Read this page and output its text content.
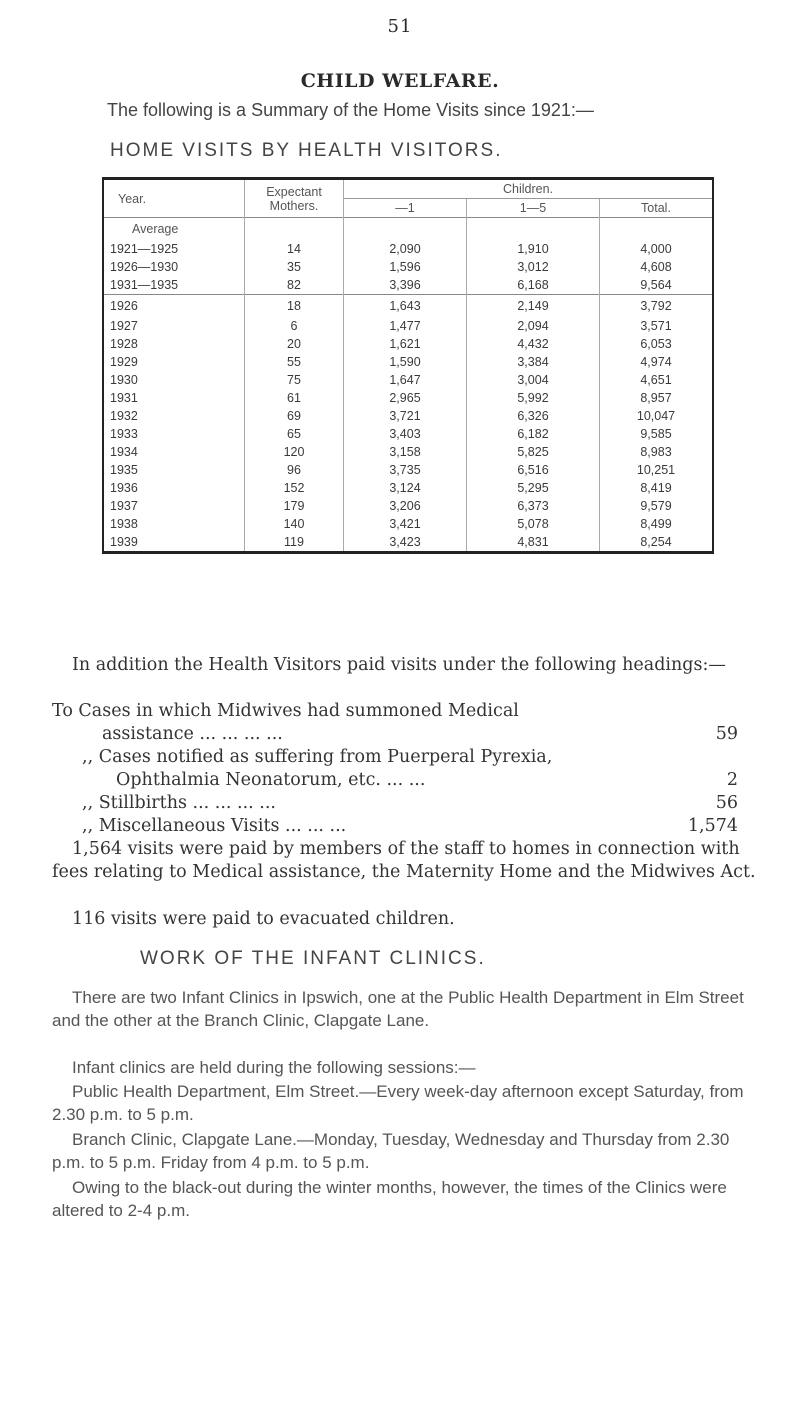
51
CHILD WELFARE.
The following is a Summary of the Home Visits since 1921:—
HOME VISITS BY HEALTH VISITORS.
Year.	Expectant Mothers.	Children.		
		—1	1—5	Total.
Average				
1921—1925	14	2,090	1,910	4,000
1926—1930	35	1,596	3,012	4,608
1931—1935	82	3,396	6,168	9,564
1926	18	1,643	2,149	3,792
1927	6	1,477	2,094	3,571
1928	20	1,621	4,432	6,053
1929	55	1,590	3,384	4,974
1930	75	1,647	3,004	4,651
1931	61	2,965	5,992	8,957
1932	69	3,721	6,326	10,047
1933	65	3,403	6,182	9,585
1934	120	3,158	5,825	8,983
1935	96	3,735	6,516	10,251
1936	152	3,124	5,295	8,419
1937	179	3,206	6,373	9,579
1938	140	3,421	5,078	8,499
1939	119	3,423	4,831	8,254
In addition the Health Visitors paid visits under the following headings:—
To Cases in which Midwives had summoned Medical
assistance ... ... ... ...	59
,, Cases notified as suffering from Puerperal Pyrexia,
Ophthalmia Neonatorum, etc. ... ...	2
,, Stillbirths ... ... ... ...	56
,, Miscellaneous Visits ... ... ...	1,574
1,564 visits were paid by members of the staff to homes in connection with fees relating to Medical assistance, the Maternity Home and the Midwives Act.
116 visits were paid to evacuated children.
WORK OF THE INFANT CLINICS.
There are two Infant Clinics in Ipswich, one at the Public Health Department in Elm Street and the other at the Branch Clinic, Clapgate Lane.
Infant clinics are held during the following sessions:—
Public Health Department, Elm Street.—Every week-day afternoon except Saturday, from 2.30 p.m. to 5 p.m.
Branch Clinic, Clapgate Lane.—Monday, Tuesday, Wednesday and Thursday from 2.30 p.m. to 5 p.m. Friday from 4 p.m. to 5 p.m.
Owing to the black-out during the winter months, however, the times of the Clinics were altered to 2-4 p.m.
